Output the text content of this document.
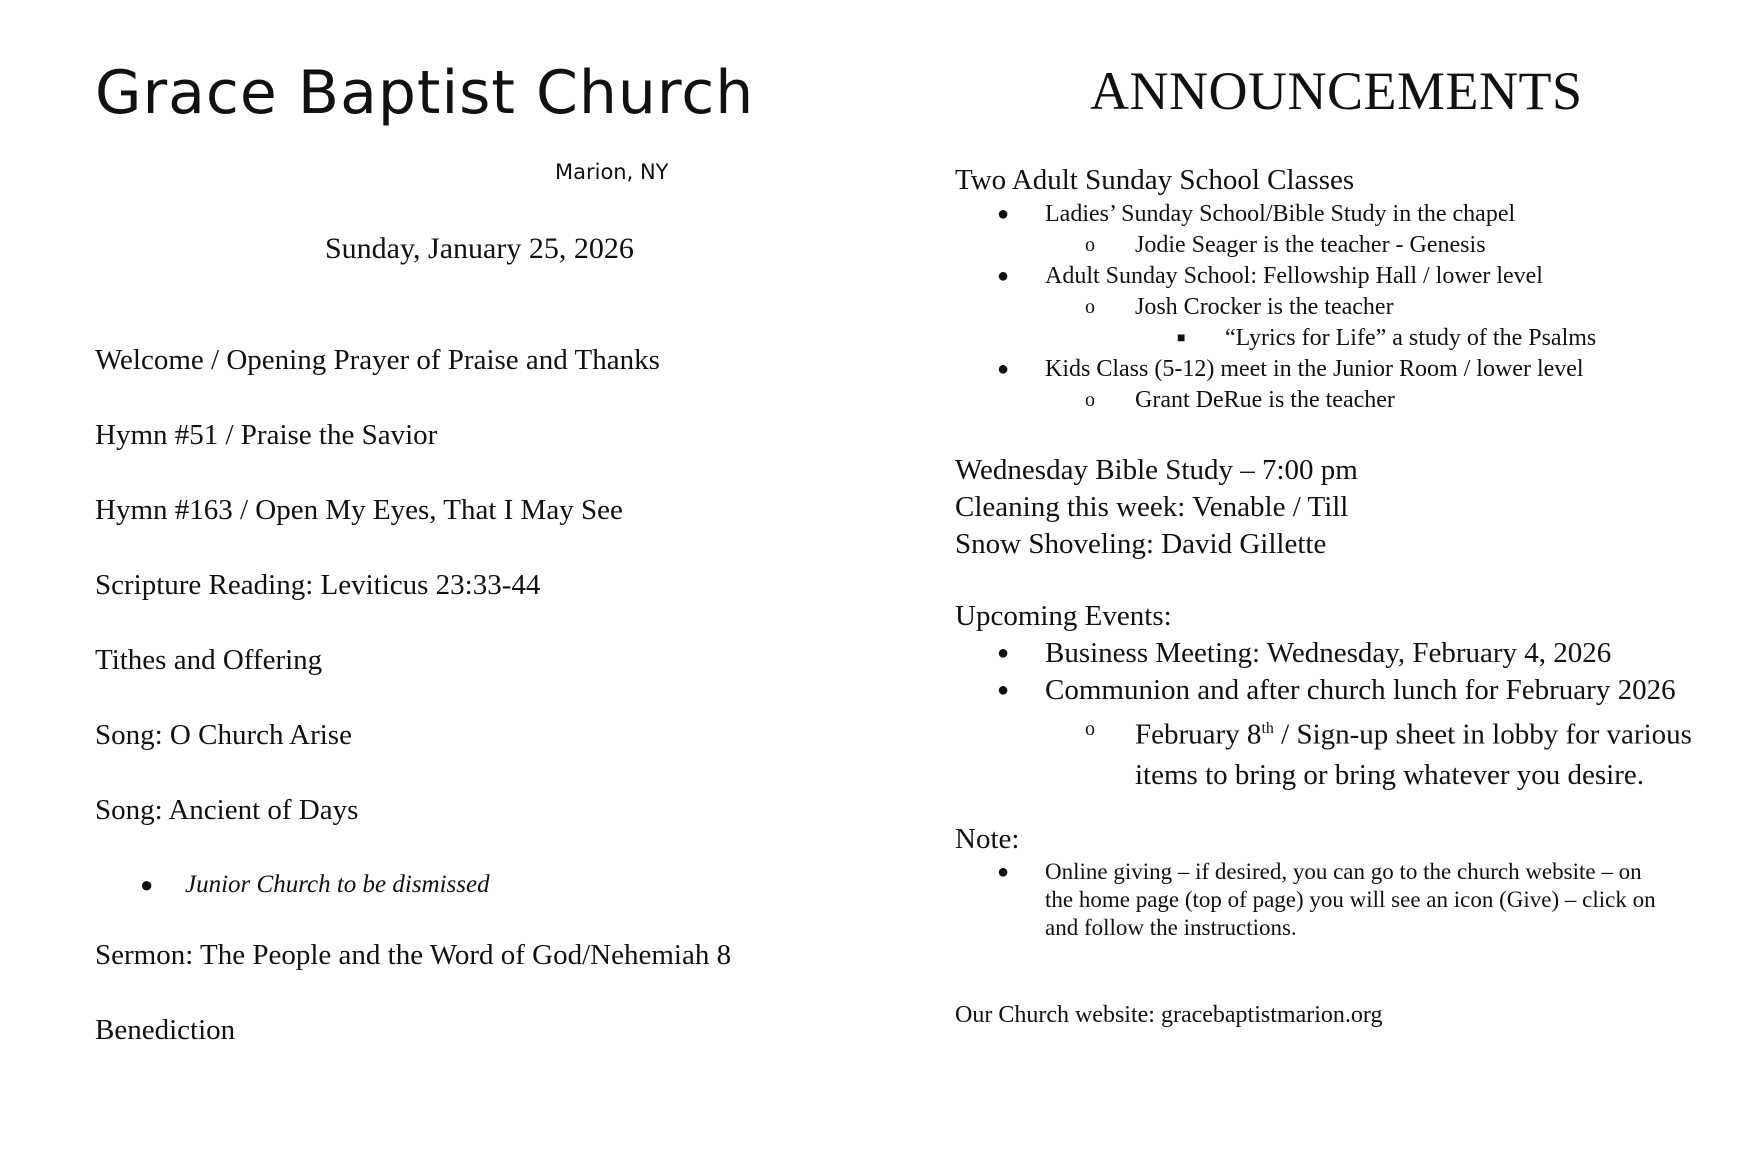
Grace Baptist Church
Marion, NY
Sunday, January 25, 2026
Welcome / Opening Prayer of Praise and Thanks
Hymn #51 / Praise the Savior
Hymn #163 / Open My Eyes, That I May See
Scripture Reading: Leviticus 23:33-44
Tithes and Offering
Song: O Church Arise
Song: Ancient of Days
● Junior Church to be dismissed
Sermon: The People and the Word of God/Nehemiah 8
Benediction
ANNOUNCEMENTS
Two Adult Sunday School Classes
● Ladies’ Sunday School/Bible Study in the chapel
o Jodie Seager is the teacher - Genesis
● Adult Sunday School: Fellowship Hall / lower level
o Josh Crocker is the teacher
■ “Lyrics for Life” a study of the Psalms
● Kids Class (5-12) meet in the Junior Room / lower level
o Grant DeRue is the teacher
Wednesday Bible Study – 7:00 pm
Cleaning this week: Venable / Till
Snow Shoveling: David Gillette
Upcoming Events:
● Business Meeting: Wednesday, February 4, 2026
● Communion and after church lunch for February 2026
o February 8th / Sign-up sheet in lobby for various
items to bring or bring whatever you desire.
Note:
● Online giving – if desired, you can go to the church website – on
the home page (top of page) you will see an icon (Give) – click on
and follow the instructions.
Our Church website: gracebaptistmarion.org
